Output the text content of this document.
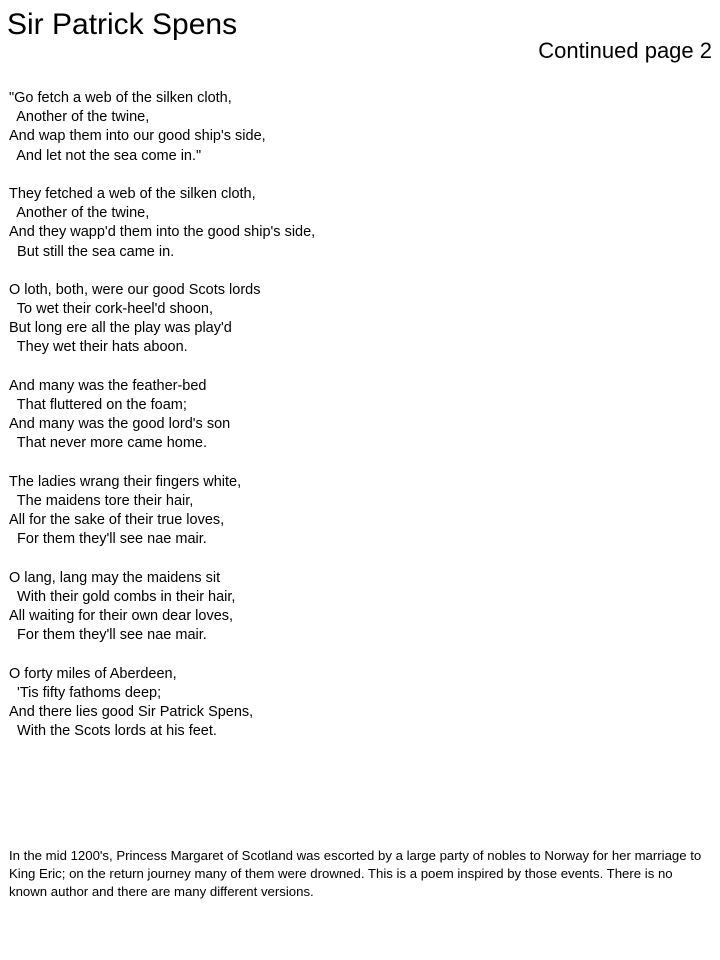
Sir Patrick Spens
Continued page 2
"Go fetch a web of the silken cloth,
Another of the twine,
And wap them into our good ship's side,
And let not the sea come in."
They fetched a web of the silken cloth,
Another of the twine,
And they wapp'd them into the good ship's side,
But still the sea came in.
O loth, both, were our good Scots lords
To wet their cork-heel'd shoon,
But long ere all the play was play'd
They wet their hats aboon.
And many was the feather-bed
That fluttered on the foam;
And many was the good lord's son
That never more came home.
The ladies wrang their fingers white,
The maidens tore their hair,
All for the sake of their true loves,
For them they'll see nae mair.
O lang, lang may the maidens sit
With their gold combs in their hair,
All waiting for their own dear loves,
For them they'll see nae mair.
O forty miles of Aberdeen,
'Tis fifty fathoms deep;
And there lies good Sir Patrick Spens,
With the Scots lords at his feet.

In the mid 1200's, Princess Margaret of Scotland was escorted by a large party of nobles to Norway for her marriage to King Eric; on the return journey many of them were drowned. This is a poem inspired by those events. There is no known author and there are many different versions.
